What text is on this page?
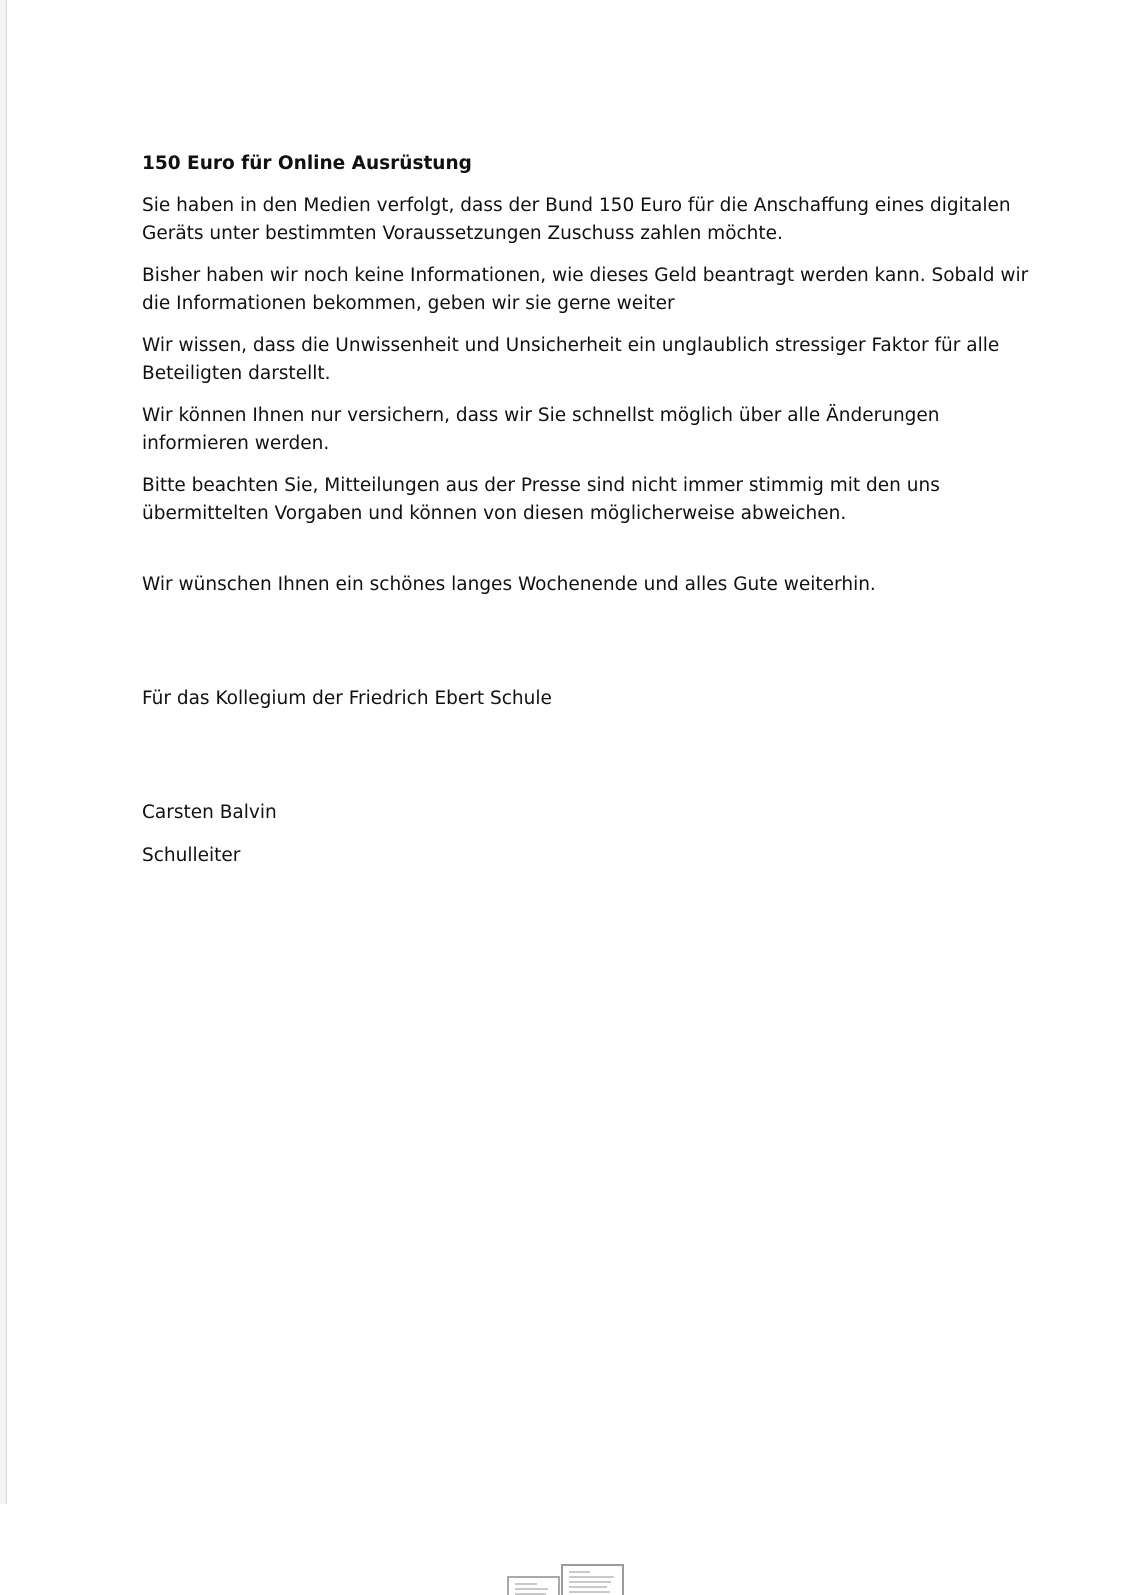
150 Euro für Online Ausrüstung

Sie haben in den Medien verfolgt, dass der Bund 150 Euro für die Anschaffung eines digitalen Geräts unter bestimmten Voraussetzungen Zuschuss zahlen möchte.

Bisher haben wir noch keine Informationen, wie dieses Geld beantragt werden kann. Sobald wir die Informationen bekommen, geben wir sie gerne weiter

Wir wissen, dass die Unwissenheit und Unsicherheit ein unglaublich stressiger Faktor für alle Beteiligten darstellt.

Wir können Ihnen nur versichern, dass wir Sie schnellst möglich über alle Änderungen informieren werden.

Bitte beachten Sie, Mitteilungen aus der Presse sind nicht immer stimmig mit den uns übermittelten Vorgaben und können von diesen möglicherweise abweichen.

Wir wünschen Ihnen ein schönes langes Wochenende und alles Gute weiterhin.

Für das Kollegium der Friedrich Ebert Schule

Carsten Balvin

Schulleiter
